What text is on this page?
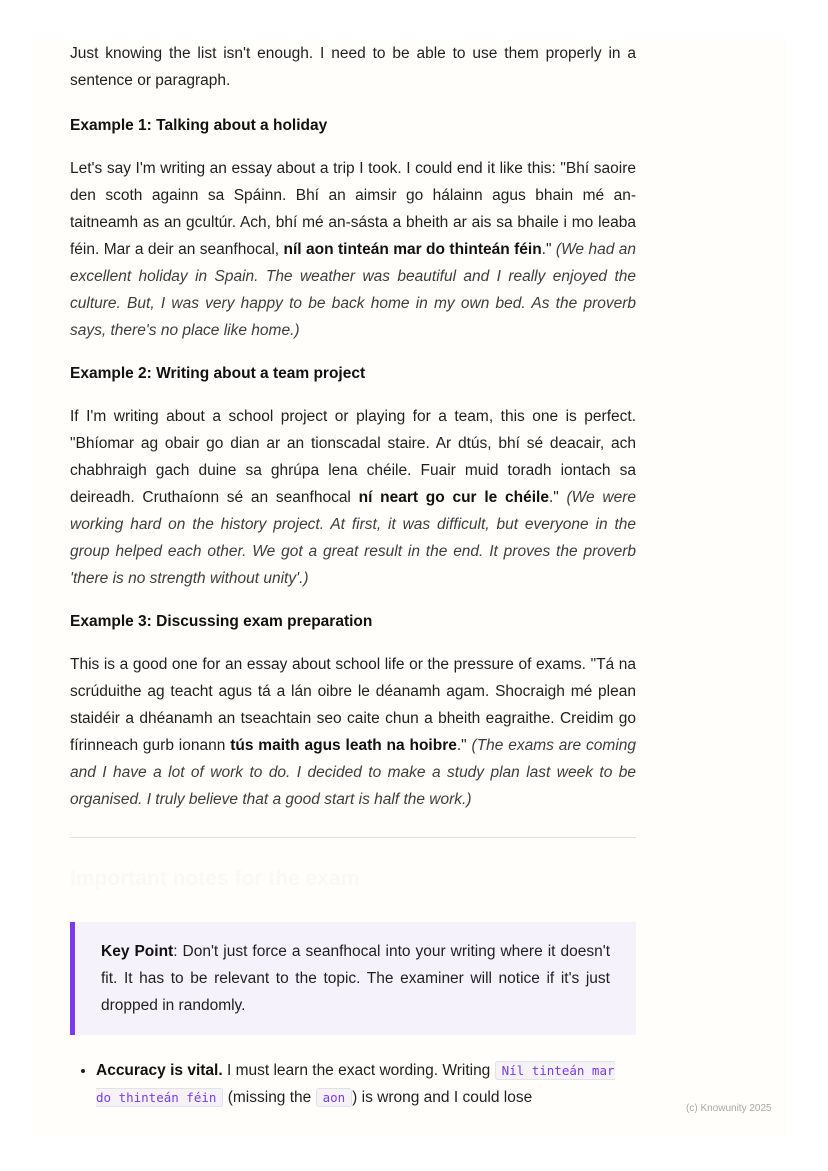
Just knowing the list isn't enough. I need to be able to use them properly in a sentence or paragraph.

Example 1: Talking about a holiday

Let's say I'm writing an essay about a trip I took. I could end it like this: "Bhí saoire den scoth againn sa Spáinn. Bhí an aimsir go hálainn agus bhain mé an-taitneamh as an gcultúr. Ach, bhí mé an-sásta a bheith ar ais sa bhaile i mo leaba féin. Mar a deir an seanfhocal, níl aon tinteán mar do thinteán féin." (We had an excellent holiday in Spain. The weather was beautiful and I really enjoyed the culture. But, I was very happy to be back home in my own bed. As the proverb says, there's no place like home.)

Example 2: Writing about a team project

If I'm writing about a school project or playing for a team, this one is perfect. "Bhíomar ag obair go dian ar an tionscadal staire. Ar dtús, bhí sé deacair, ach chabhraigh gach duine sa ghrúpa lena chéile. Fuair muid toradh iontach sa deireadh. Cruthaíonn sé an seanfhocal ní neart go cur le chéile." (We were working hard on the history project. At first, it was difficult, but everyone in the group helped each other. We got a great result in the end. It proves the proverb 'there is no strength without unity'.)

Example 3: Discussing exam preparation

This is a good one for an essay about school life or the pressure of exams. "Tá na scrúduithe ag teacht agus tá a lán oibre le déanamh agam. Shocraigh mé plean staidéir a dhéanamh an tseachtain seo caite chun a bheith eagraithe. Creidim go fírinneach gurb ionann tús maith agus leath na hoibre." (The exams are coming and I have a lot of work to do. I decided to make a study plan last week to be organised. I truly believe that a good start is half the work.)

Important notes for the exam

Key Point: Don't just force a seanfhocal into your writing where it doesn't fit. It has to be relevant to the topic. The examiner will notice if it's just dropped in randomly.

• Accuracy is vital. I must learn the exact wording. Writing Níl tinteán mar do thinteán féin (missing the aon ) is wrong and I could lose
(c) Knowunity 2025
